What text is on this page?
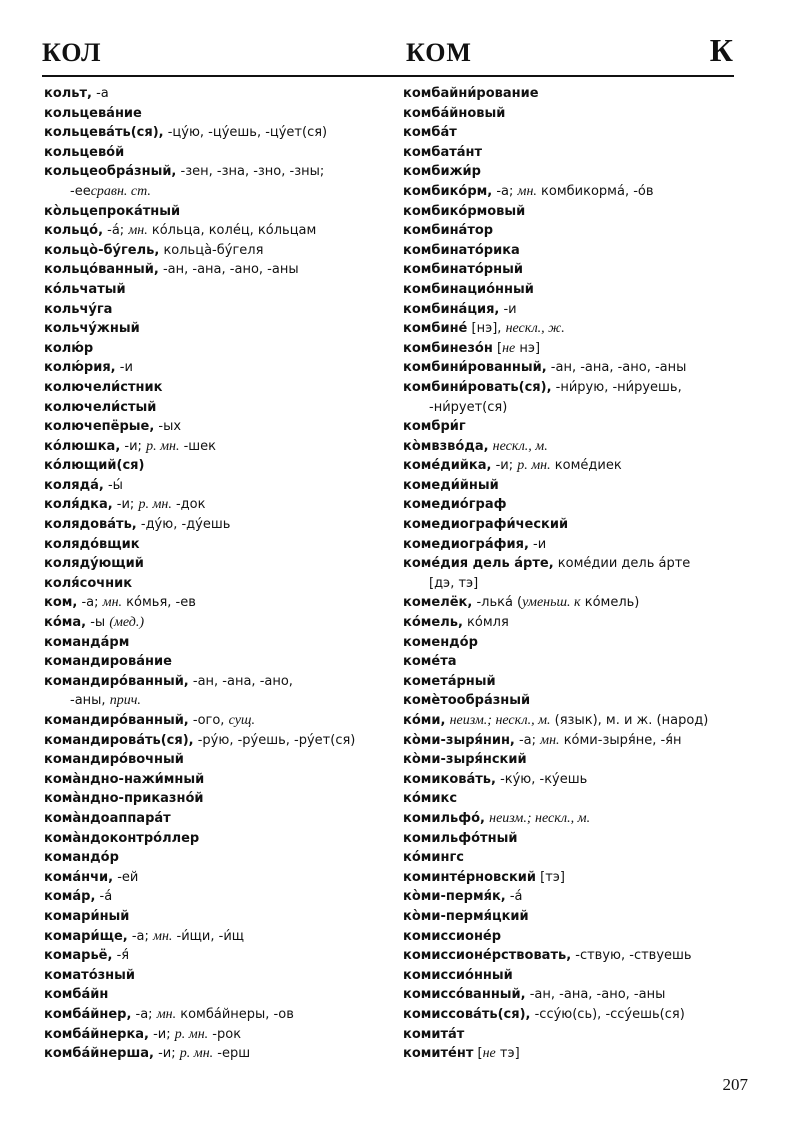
КОЛ	КОМ	К
кольт, -а
кольцева́ние
кольцева́ть(ся), -цу́ю, -цу́ешь, -цу́ет(ся)
кольцево́й
кольцеобра́зный, -зен, -зна, -зно, -зны;
-еесравн. ст.
ко̀льцепрока́тный
кольцо́, -а́; мн. ко́льца, коле́ц, ко́льцам
кольцо̀-бу́гель, кольца̀-бу́геля
кольцо́ванный, -ан, -ана, -ано, -аны
ко́льчатый
кольчу́га
кольчу́жный
колю́р
колю́рия, -и
колючели́стник
колючели́стый
колючепёрые, -ых
ко́люшка, -и; р. мн. -шек
ко́лющий(ся)
коляда́, -ы́
коля́дка, -и; р. мн. -док
колядова́ть, -ду́ю, -ду́ешь
колядо́вщик
коляду́ющий
коля́сочник
ком, -а; мн. ко́мья, -ев
ко́ма, -ы (мед.)
команда́рм
командирова́ние
командиро́ванный, -ан, -ана, -ано,
-аны, прич.
командиро́ванный, -ого, сущ.
командирова́ть(ся), -ру́ю, -ру́ешь, -ру́ет(ся)
командиро́вочный
кома̀ндно-нажи́мный
кома̀ндно-приказно́й
кома̀ндоаппара́т
кома̀ндоконтро́ллер
командо́р
кома́нчи, -ей
кома́р, -а́
комари́ный
комари́ще, -а; мн. -и́щи, -и́щ
комарьё, -я́
комато́зный
комба́йн
комба́йнер, -а; мн. комба́йнеры, -ов
комба́йнерка, -и; р. мн. -рок
комба́йнерша, -и; р. мн. -ерш
комбайни́рование
комба́йновый
комба́т
комбата́нт
комбижи́р
комбико́рм, -а; мн. комбикорма́, -о́в
комбико́рмовый
комбина́тор
комбинато́рика
комбинато́рный
комбинацио́нный
комбина́ция, -и
комбине́ [нэ], нескл., ж.
комбинезо́н [не нэ]
комбини́рованный, -ан, -ана, -ано, -аны
комбини́ровать(ся), -ни́рую, -ни́руешь,
-ни́рует(ся)
комбри́г
ко̀мвзво́да, нескл., м.
коме́дийка, -и; р. мн. коме́диек
комеди́йный
комедио́граф
комедиографи́ческий
комедиогра́фия, -и
коме́дия дель а́рте, коме́дии дель а́рте
[дэ, тэ]
комелёк, -лька́ (уменьш. к ко́мель)
ко́мель, ко́мля
комендо́р
коме́та
комета́рный
комѐтообра́зный
ко́ми, неизм.; нескл., м. (язык), м. и ж. (народ)
ко̀ми-зыря́нин, -а; мн. ко́ми-зыря́не, -я́н
ко̀ми-зыря́нский
комикова́ть, -ку́ю, -ку́ешь
ко́микс
комильфо́, неизм.; нескл., м.
комильфо́тный
ко́мингс
коминте́рновский [тэ]
ко̀ми-пермя́к, -а́
ко̀ми-пермя́цкий
комиссионе́р
комиссионе́рствовать, -ствую, -ствуешь
комиссио́нный
комиссо́ванный, -ан, -ана, -ано, -аны
комиссова́ть(ся), -ссу́ю(сь), -ссу́ешь(ся)
комита́т
комите́нт [не тэ]
207
